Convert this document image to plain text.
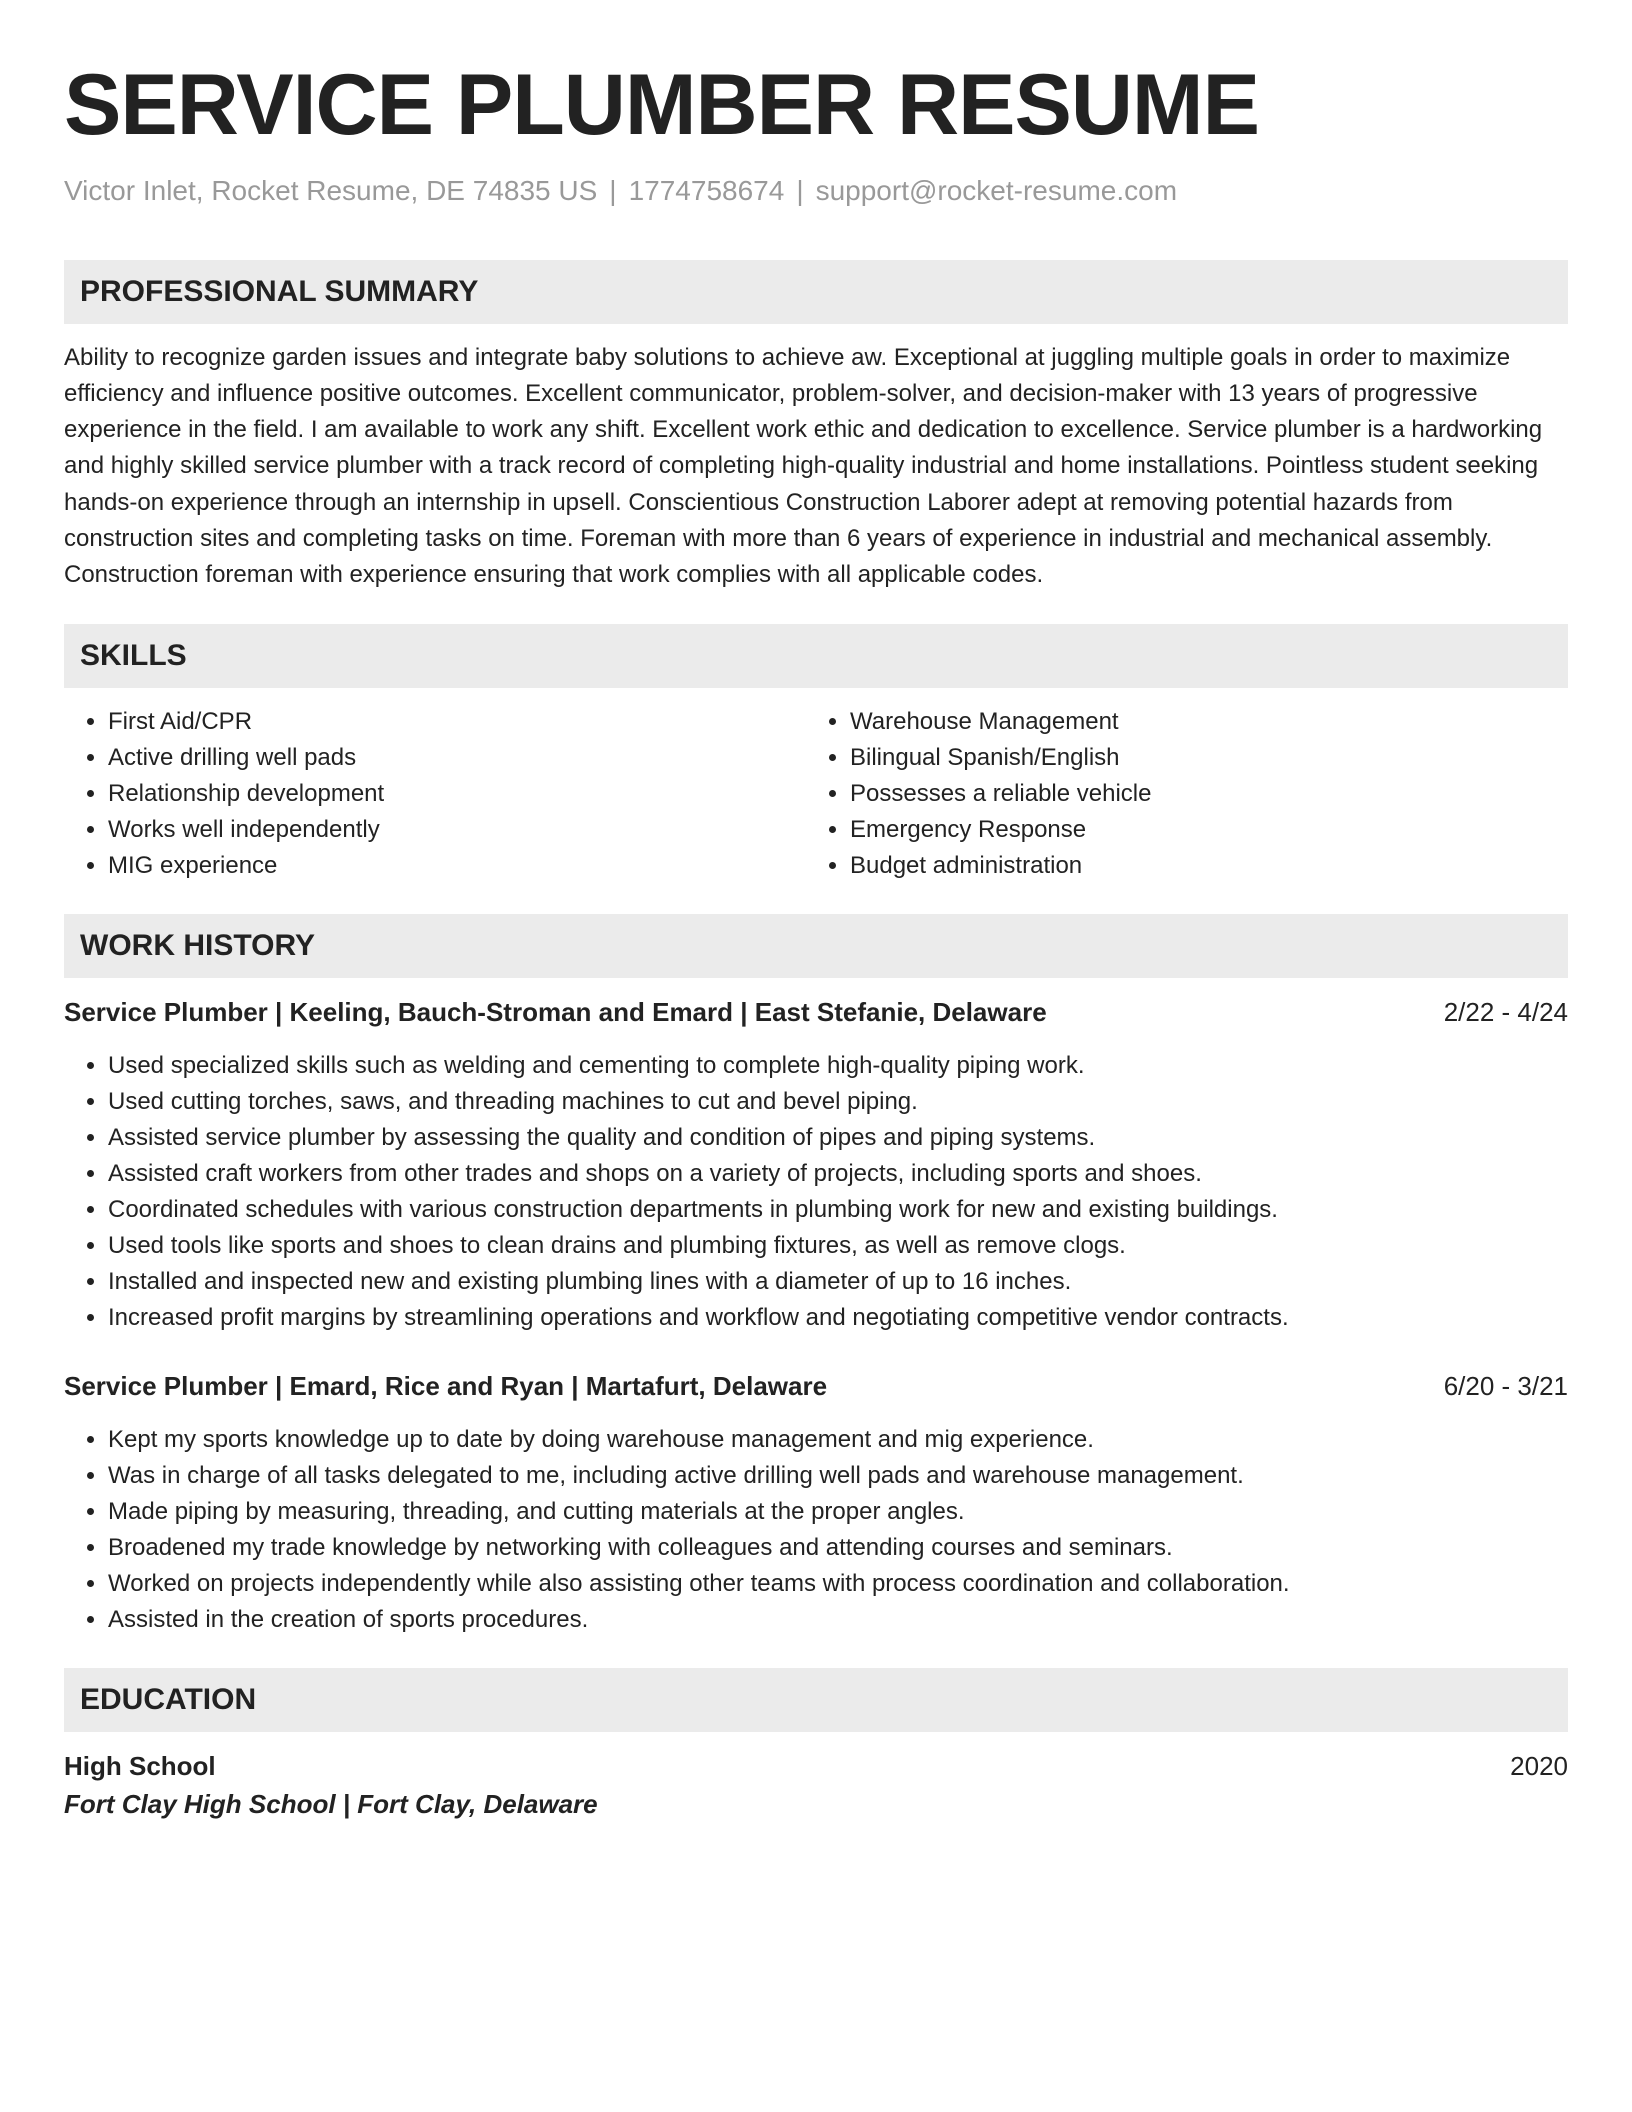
SERVICE PLUMBER RESUME
Victor Inlet, Rocket Resume, DE 74835 US | 1774758674 | support@rocket-resume.com
PROFESSIONAL SUMMARY
Ability to recognize garden issues and integrate baby solutions to achieve aw. Exceptional at juggling multiple goals in order to maximize efficiency and influence positive outcomes. Excellent communicator, problem-solver, and decision-maker with 13 years of progressive experience in the field. I am available to work any shift. Excellent work ethic and dedication to excellence. Service plumber is a hardworking and highly skilled service plumber with a track record of completing high-quality industrial and home installations. Pointless student seeking hands-on experience through an internship in upsell. Conscientious Construction Laborer adept at removing potential hazards from construction sites and completing tasks on time. Foreman with more than 6 years of experience in industrial and mechanical assembly. Construction foreman with experience ensuring that work complies with all applicable codes.
SKILLS
• First Aid/CPR
• Active drilling well pads
• Relationship development
• Works well independently
• MIG experience
• Warehouse Management
• Bilingual Spanish/English
• Possesses a reliable vehicle
• Emergency Response
• Budget administration
WORK HISTORY
Service Plumber | Keeling, Bauch-Stroman and Emard | East Stefanie, Delaware	2/22 - 4/24
• Used specialized skills such as welding and cementing to complete high-quality piping work.
• Used cutting torches, saws, and threading machines to cut and bevel piping.
• Assisted service plumber by assessing the quality and condition of pipes and piping systems.
• Assisted craft workers from other trades and shops on a variety of projects, including sports and shoes.
• Coordinated schedules with various construction departments in plumbing work for new and existing buildings.
• Used tools like sports and shoes to clean drains and plumbing fixtures, as well as remove clogs.
• Installed and inspected new and existing plumbing lines with a diameter of up to 16 inches.
• Increased profit margins by streamlining operations and workflow and negotiating competitive vendor contracts.
Service Plumber | Emard, Rice and Ryan | Martafurt, Delaware	6/20 - 3/21
• Kept my sports knowledge up to date by doing warehouse management and mig experience.
• Was in charge of all tasks delegated to me, including active drilling well pads and warehouse management.
• Made piping by measuring, threading, and cutting materials at the proper angles.
• Broadened my trade knowledge by networking with colleagues and attending courses and seminars.
• Worked on projects independently while also assisting other teams with process coordination and collaboration.
• Assisted in the creation of sports procedures.
EDUCATION
High School	2020
Fort Clay High School | Fort Clay, Delaware
